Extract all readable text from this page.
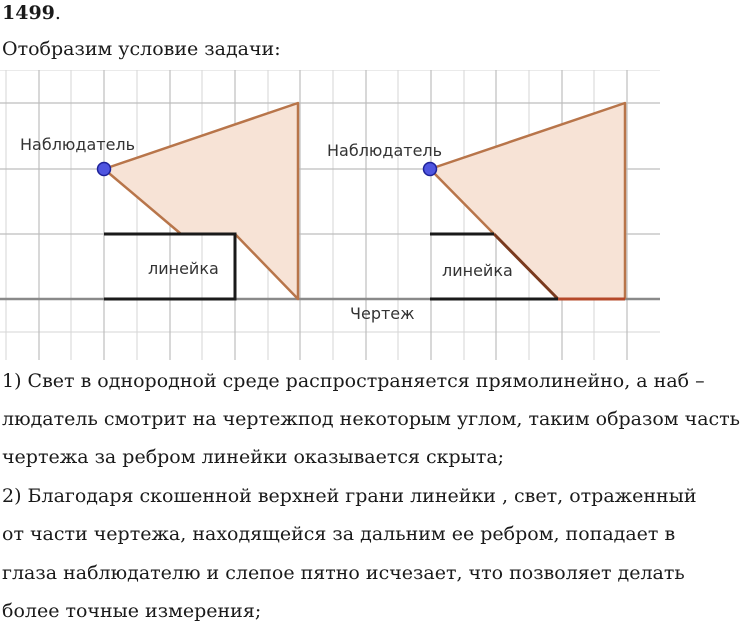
1499.
Отобразим условие задачи:
Наблюдатель
линейка
Наблюдатель
линейка
Чертеж
1) Свет в однородной среде распространяется прямолинейно, а наб –
людатель смотрит на чертежпод некоторым углом, таким образом часть
чертежа за ребром линейки оказывается скрыта;
2) Благодаря скошенной верхней грани линейки , свет, отраженный
от части чертежа, находящейся за дальним ее ребром, попадает в
глаза наблюдателю и слепое пятно исчезает, что позволяет делать
более точные измерения;
